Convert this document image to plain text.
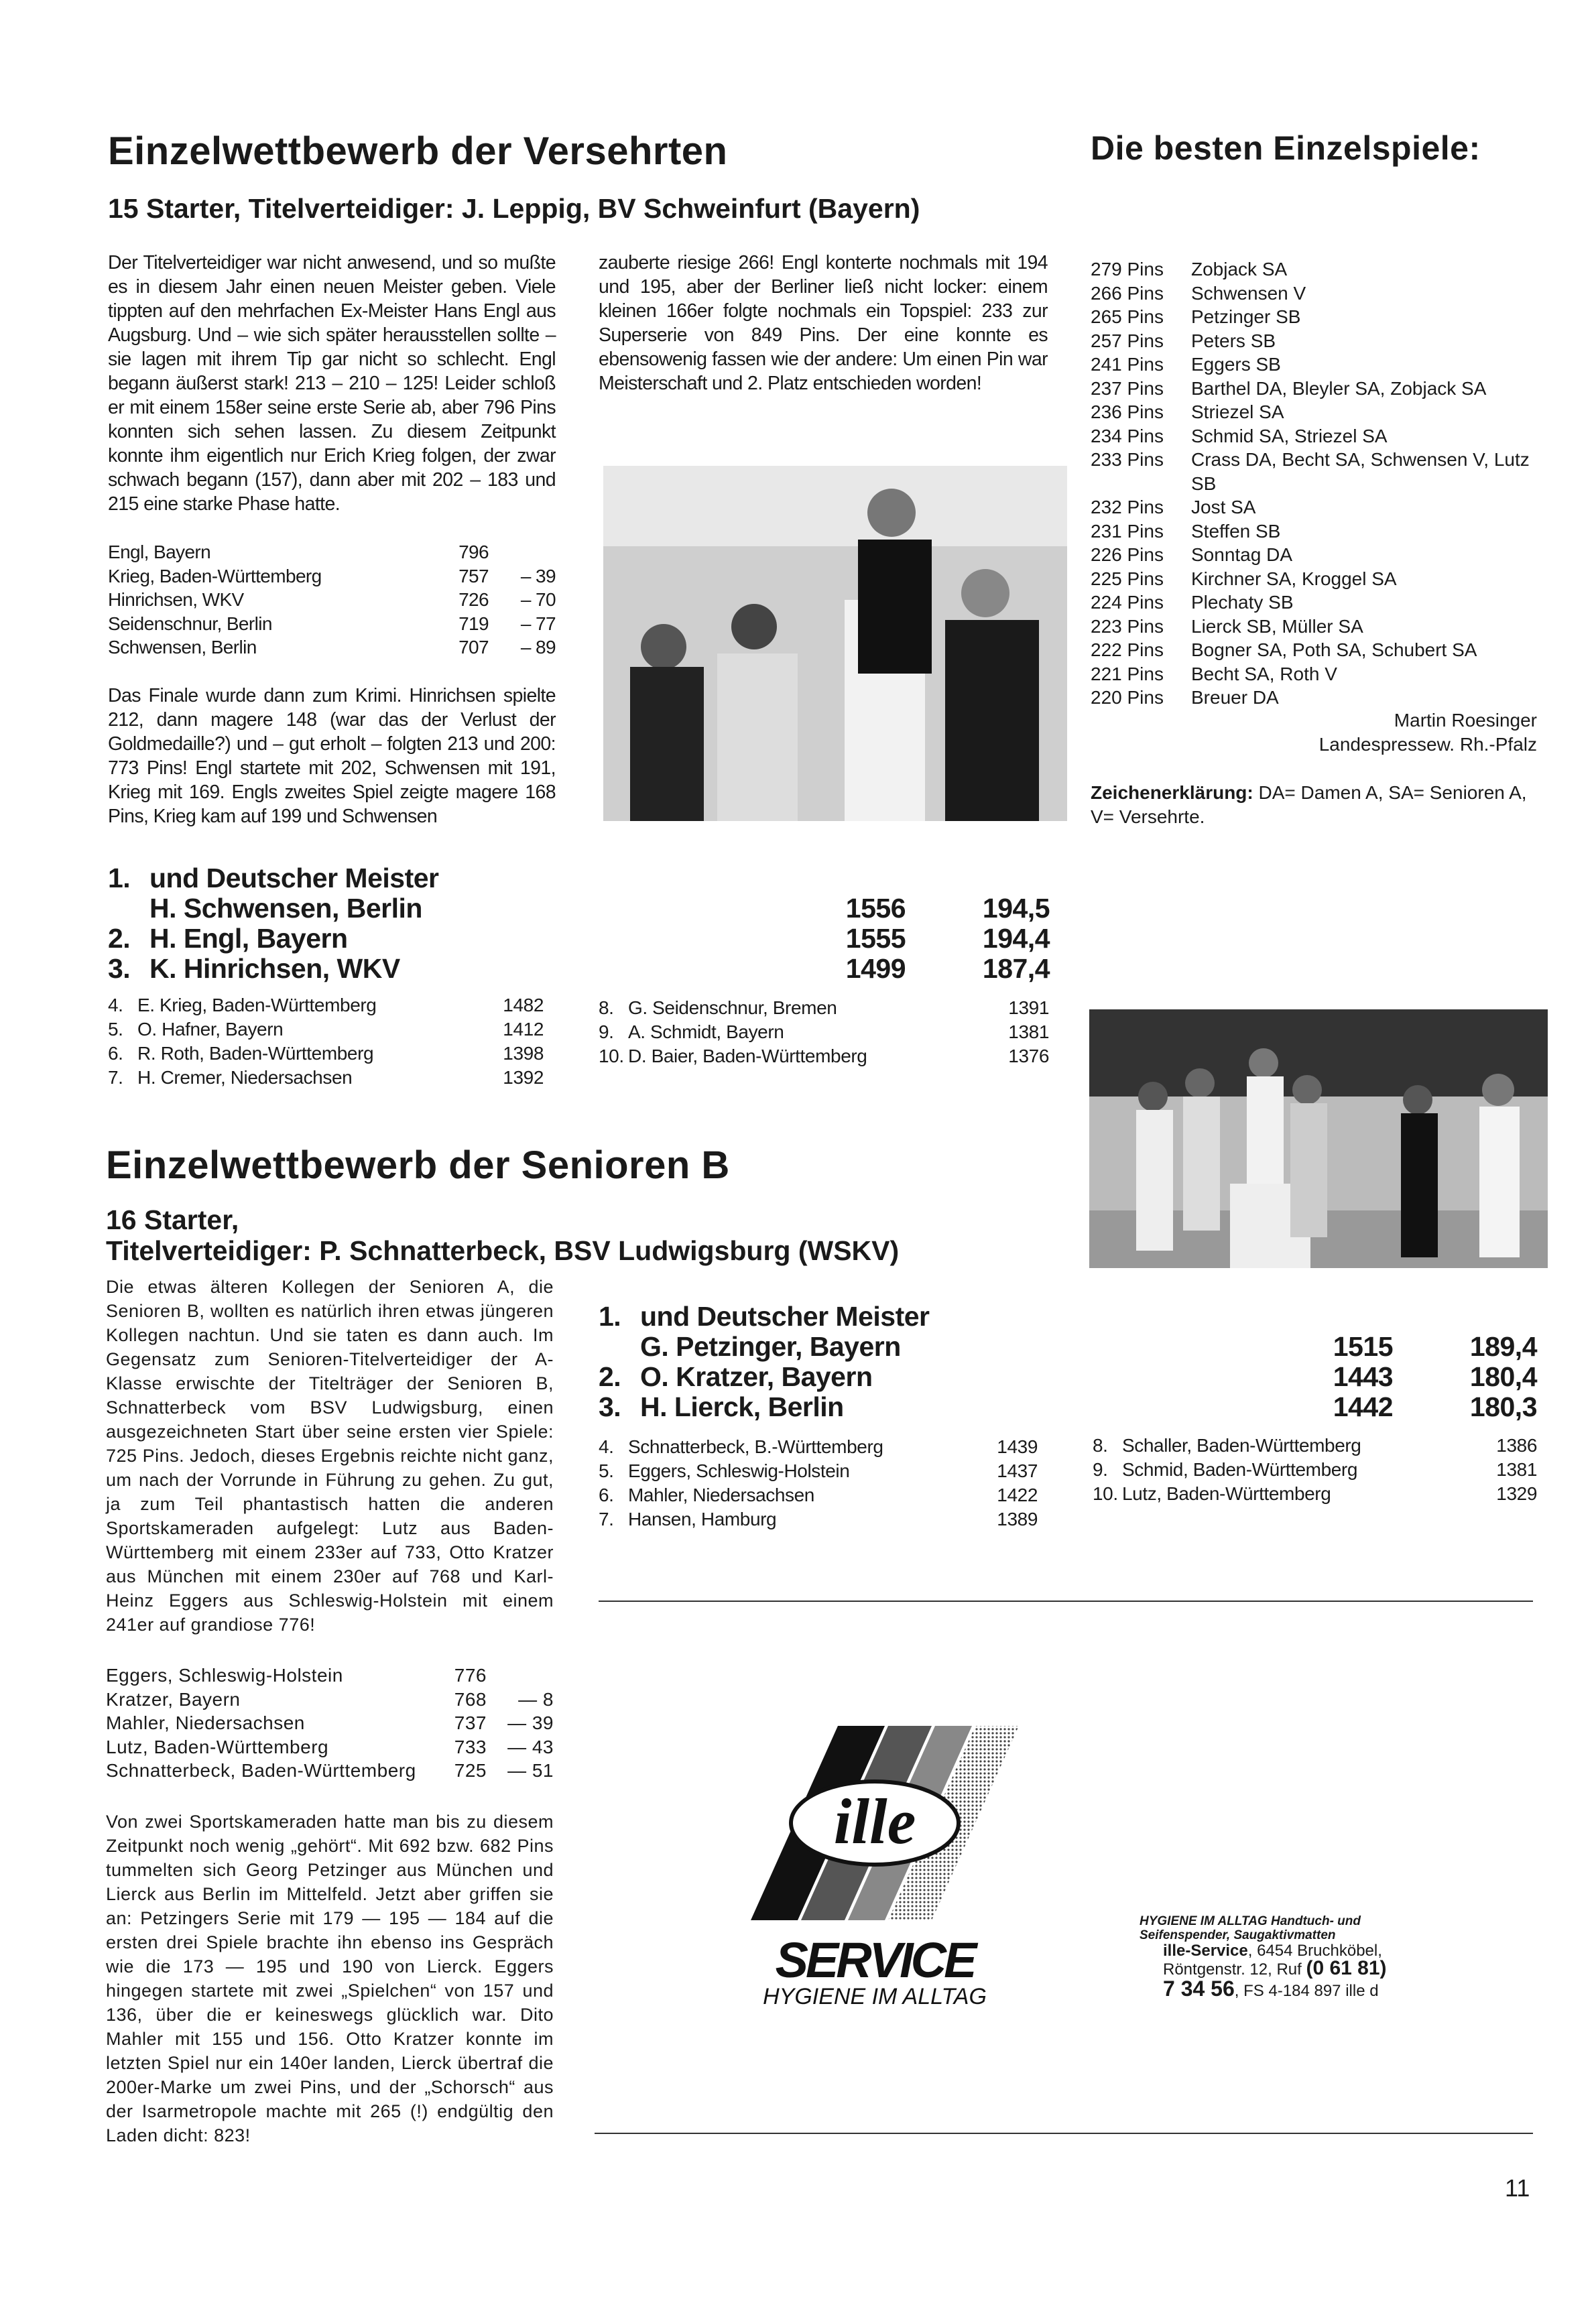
Einzelwettbewerb der Versehrten
15 Starter, Titelverteidiger: J. Leppig, BV Schweinfurt (Bayern)
Die besten Einzelspiele:

Der Titelverteidiger war nicht anwesend, und so mußte es in diesem Jahr einen neuen Meister geben. Viele tippten auf den mehrfachen Ex-Meister Hans Engl aus Augsburg. Und – wie sich später herausstellen sollte – sie lagen mit ihrem Tip gar nicht so schlecht. Engl begann äußerst stark! 213 – 210 – 125! Leider schloß er mit einem 158er seine erste Serie ab, aber 796 Pins konnten sich sehen lassen. Zu diesem Zeitpunkt konnte ihm eigentlich nur Erich Krieg folgen, der zwar schwach begann (157), dann aber mit 202 – 183 und 215 eine starke Phase hatte.

Engl, Bayern	796
Krieg, Baden-Württemberg	757	– 39
Hinrichsen, WKV	726	– 70
Seidenschnur, Berlin	719	– 77
Schwensen, Berlin	707	– 89

Das Finale wurde dann zum Krimi. Hinrichsen spielte 212, dann magere 148 (war das der Verlust der Goldmedaille?) und – gut erholt – folgten 213 und 200: 773 Pins! Engl startete mit 202, Schwensen mit 191, Krieg mit 169. Engls zweites Spiel zeigte magere 168 Pins, Krieg kam auf 199 und Schwensen

zauberte riesige 266! Engl konterte nochmals mit 194 und 195, aber der Berliner ließ nicht locker: einem kleinen 166er folgte nochmals ein Topspiel: 233 zur Superserie von 849 Pins. Der eine konnte es ebensowenig fassen wie der andere: Um einen Pin war Meisterschaft und 2. Platz entschieden worden!

279 Pins	Zobjack SA
266 Pins	Schwensen V
265 Pins	Petzinger SB
257 Pins	Peters SB
241 Pins	Eggers SB
237 Pins	Barthel DA, Bleyler SA, Zobjack SA
236 Pins	Striezel SA
234 Pins	Schmid SA, Striezel SA
233 Pins	Crass DA, Becht SA, Schwensen V, Lutz SB
232 Pins	Jost SA
231 Pins	Steffen SB
226 Pins	Sonntag DA
225 Pins	Kirchner SA, Kroggel SA
224 Pins	Plechaty SB
223 Pins	Lierck SB, Müller SA
222 Pins	Bogner SA, Poth SA, Schubert SA
221 Pins	Becht SA, Roth V
220 Pins	Breuer DA
Martin Roesinger
Landespressew. Rh.-Pfalz
Zeichenerklärung: DA= Damen A, SA= Senioren A, V= Versehrte.
1. und Deutscher Meister
H. Schwensen, Berlin	1556	194,5
2. H. Engl, Bayern	1555	194,4
3. K. Hinrichsen, WKV	1499	187,4
4. E. Krieg, Baden-Württemberg	1482
5. O. Hafner, Bayern	1412
6. R. Roth, Baden-Württemberg	1398
7. H. Cremer, Niedersachsen	1392
8. G. Seidenschnur, Bremen	1391
9. A. Schmidt, Bayern	1381
10. D. Baier, Baden-Württemberg	1376
Einzelwettbewerb der Senioren B
16 Starter,
Titelverteidiger: P. Schnatterbeck, BSV Ludwigsburg (WSKV)

Die etwas älteren Kollegen der Senioren A, die Senioren B, wollten es natürlich ihren etwas jüngeren Kollegen nachtun. Und sie taten es dann auch. Im Gegensatz zum Senioren-Titelverteidiger der A-Klasse erwischte der Titelträger der Senioren B, Schnatterbeck vom BSV Ludwigsburg, einen ausgezeichneten Start über seine ersten vier Spiele: 725 Pins. Jedoch, dieses Ergebnis reichte nicht ganz, um nach der Vorrunde in Führung zu gehen. Zu gut, ja zum Teil phantastisch hatten die anderen Sportskameraden aufgelegt: Lutz aus Baden-Württemberg mit einem 233er auf 733, Otto Kratzer aus München mit einem 230er auf 768 und Karl-Heinz Eggers aus Schleswig-Holstein mit einem 241er auf grandiose 776!

Eggers, Schleswig-Holstein	776
Kratzer, Bayern	768	— 8
Mahler, Niedersachsen	737	— 39
Lutz, Baden-Württemberg	733	— 43
Schnatterbeck, Baden-Württemberg	725	— 51

Von zwei Sportskameraden hatte man bis zu diesem Zeitpunkt noch wenig „gehört“. Mit 692 bzw. 682 Pins tummelten sich Georg Petzinger aus München und Lierck aus Berlin im Mittelfeld. Jetzt aber griffen sie an: Petzingers Serie mit 179 — 195 — 184 auf die ersten drei Spiele brachte ihn ebenso ins Gespräch wie die 173 — 195 und 190 von Lierck. Eggers hingegen startete mit zwei „Spielchen“ von 157 und 136, über die er keineswegs glücklich war. Dito Mahler mit 155 und 156. Otto Kratzer konnte im letzten Spiel nur ein 140er landen, Lierck übertraf die 200er-Marke um zwei Pins, und der „Schorsch“ aus der Isarmetropole machte mit 265 (!) endgültig den Laden dicht: 823!

1. und Deutscher Meister
G. Petzinger, Bayern	1515	189,4
2. O. Kratzer, Bayern	1443	180,4
3. H. Lierck, Berlin	1442	180,3
4. Schnatterbeck, B.-Württemberg	1439
5. Eggers, Schleswig-Holstein	1437
6. Mahler, Niedersachsen	1422
7. Hansen, Hamburg	1389
8. Schaller, Baden-Württemberg	1386
9. Schmid, Baden-Württemberg	1381
10. Lutz, Baden-Württemberg	1329
ille
SERVICE
HYGIENE IM ALLTAG
HYGIENE IM ALLTAG Handtuch- und
Seifenspender, Saugaktivmatten
ille-Service, 6454 Bruchköbel,
Röntgenstr. 12, Ruf (0 61 81)
7 34 56, FS 4-184 897 ille d
11
